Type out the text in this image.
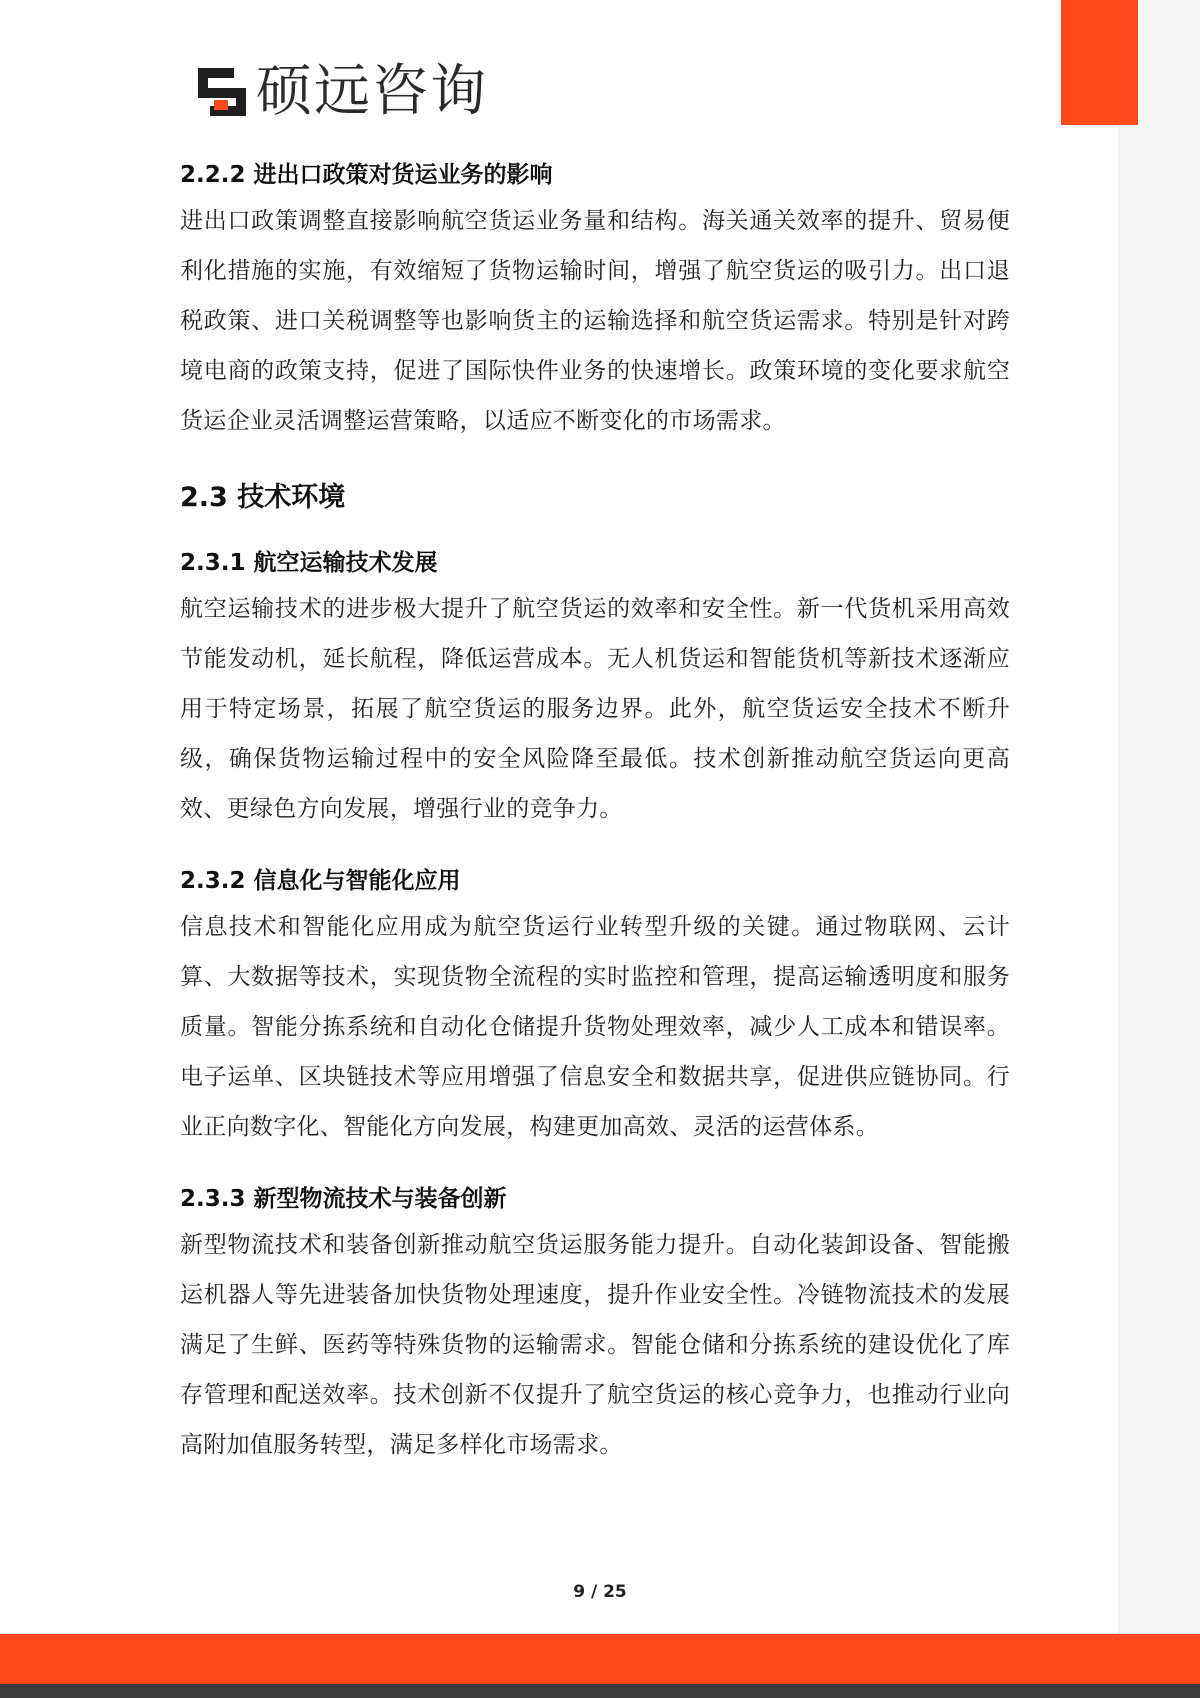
硕远咨询
2.2.2 进出口政策对货运业务的影响

进出口政策调整直接影响航空货运业务量和结构。海关通关效率的提升、贸易便利化措施的实施，有效缩短了货物运输时间，增强了航空货运的吸引力。出口退税政策、进口关税调整等也影响货主的运输选择和航空货运需求。特别是针对跨境电商的政策支持，促进了国际快件业务的快速增长。政策环境的变化要求航空货运企业灵活调整运营策略，以适应不断变化的市场需求。

2.3 技术环境
2.3.1 航空运输技术发展

航空运输技术的进步极大提升了航空货运的效率和安全性。新一代货机采用高效节能发动机，延长航程，降低运营成本。无人机货运和智能货机等新技术逐渐应用于特定场景，拓展了航空货运的服务边界。此外，航空货运安全技术不断升级，确保货物运输过程中的安全风险降至最低。技术创新推动航空货运向更高效、更绿色方向发展，增强行业的竞争力。

2.3.2 信息化与智能化应用

信息技术和智能化应用成为航空货运行业转型升级的关键。通过物联网、云计算、大数据等技术，实现货物全流程的实时监控和管理，提高运输透明度和服务质量。智能分拣系统和自动化仓储提升货物处理效率，减少人工成本和错误率。电子运单、区块链技术等应用增强了信息安全和数据共享，促进供应链协同。行业正向数字化、智能化方向发展，构建更加高效、灵活的运营体系。

2.3.3 新型物流技术与装备创新

新型物流技术和装备创新推动航空货运服务能力提升。自动化装卸设备、智能搬运机器人等先进装备加快货物处理速度，提升作业安全性。冷链物流技术的发展满足了生鲜、医药等特殊货物的运输需求。智能仓储和分拣系统的建设优化了库存管理和配送效率。技术创新不仅提升了航空货运的核心竞争力，也推动行业向高附加值服务转型，满足多样化市场需求。

9 / 25
